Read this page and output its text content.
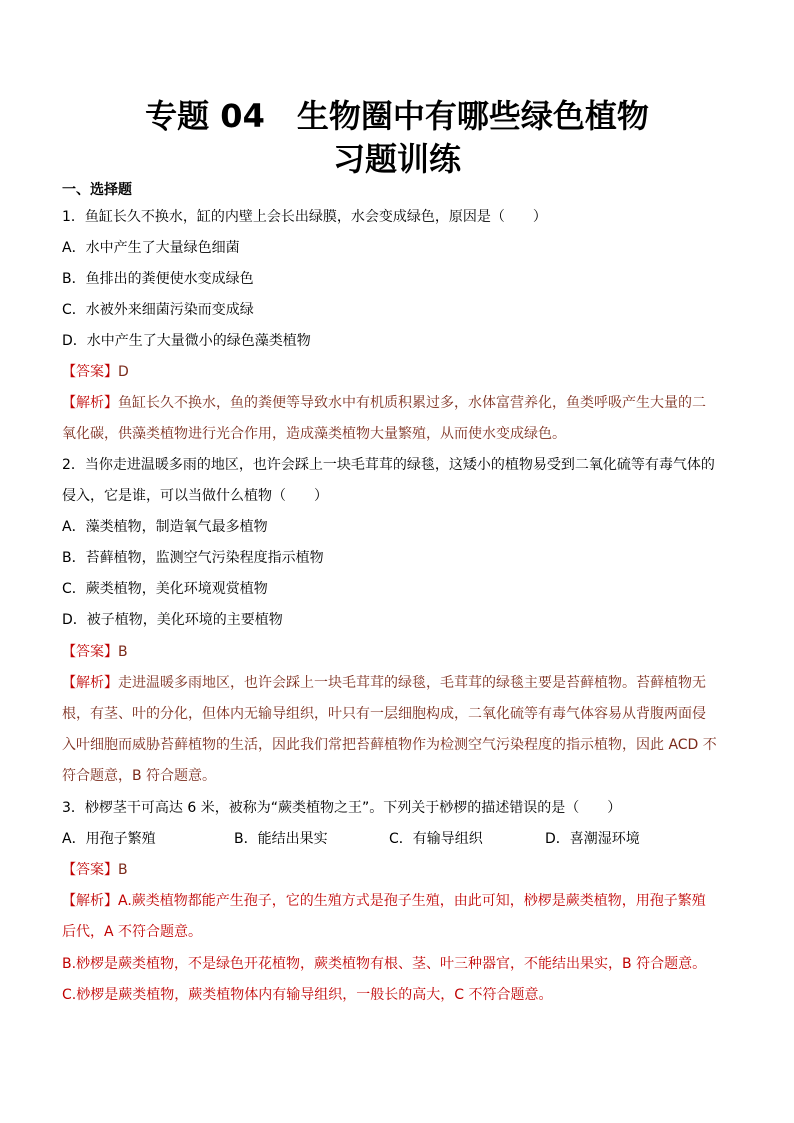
专题 04　生物圈中有哪些绿色植物
习题训练
一、选择题
1．鱼缸长久不换水，缸的内壁上会长出绿膜，水会变成绿色，原因是（　　）
A．水中产生了大量绿色细菌
B．鱼排出的粪便使水变成绿色
C．水被外来细菌污染而变成绿
D．水中产生了大量微小的绿色藻类植物
【答案】D
【解析】鱼缸长久不换水，鱼的粪便等导致水中有机质积累过多，水体富营养化，鱼类呼吸产生大量的二
氧化碳，供藻类植物进行光合作用，造成藻类植物大量繁殖，从而使水变成绿色。
2．当你走进温暖多雨的地区，也许会踩上一块毛茸茸的绿毯，这矮小的植物易受到二氧化硫等有毒气体的
侵入，它是谁，可以当做什么植物（　　）
A．藻类植物，制造氧气最多植物
B．苔藓植物，监测空气污染程度指示植物
C．蕨类植物，美化环境观赏植物
D．被子植物，美化环境的主要植物
【答案】B
【解析】走进温暖多雨地区，也许会踩上一块毛茸茸的绿毯，毛茸茸的绿毯主要是苔藓植物。苔藓植物无
根，有茎、叶的分化，但体内无输导组织，叶只有一层细胞构成，二氧化硫等有毒气体容易从背腹两面侵
入叶细胞而威胁苔藓植物的生活，因此我们常把苔藓植物作为检测空气污染程度的指示植物，因此 ACD 不
符合题意，B 符合题意。
3．桫椤茎干可高达 6 米，被称为“蕨类植物之王”。下列关于桫椤的描述错误的是（　　）
A．用孢子繁殖	B．能结出果实	C．有输导组织	D．喜潮湿环境
【答案】B
【解析】A.蕨类植物都能产生孢子，它的生殖方式是孢子生殖，由此可知，桫椤是蕨类植物，用孢子繁殖
后代，A 不符合题意。
B.桫椤是蕨类植物，不是绿色开花植物，蕨类植物有根、茎、叶三种器官，不能结出果实，B 符合题意。
C.桫椤是蕨类植物，蕨类植物体内有输导组织，一般长的高大，C 不符合题意。
